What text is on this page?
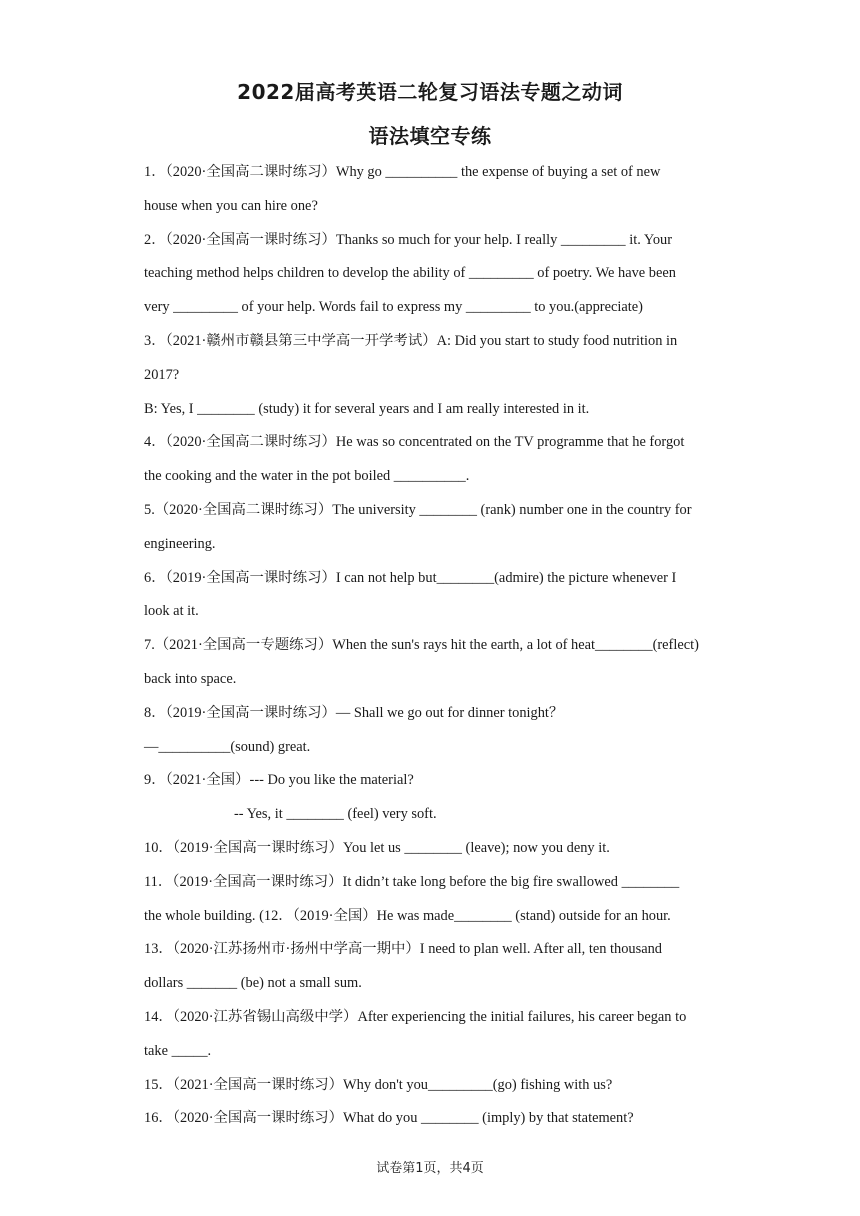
2022届高考英语二轮复习语法专题之动词
语法填空专练
1．（2020·全国高二课时练习）Why go __________ the expense of buying a set of new
house when you can hire one?
2．（2020·全国高一课时练习）Thanks so much for your help. I really _________ it. Your
teaching method helps children to develop the ability of _________ of poetry. We have been
very _________ of your help. Words fail to express my _________ to you.(appreciate)
3．（2021·赣州市赣县第三中学高一开学考试）A: Did you start to study food nutrition in
2017?
B: Yes, I ________ (study) it for several years and I am really interested in it.
4．（2020·全国高二课时练习）He was so concentrated on the TV programme that he forgot
the cooking and the water in the pot boiled __________.
5.（2020·全国高二课时练习）The university ________ (rank) number one in the country for
engineering.
6．（2019·全国高一课时练习）I can not help but________(admire) the picture whenever I
look at it.
7.（2021·全国高一专题练习）When the sun's rays hit the earth, a lot of heat________(reflect)
back into space.
8．（2019·全国高一课时练习）— Shall we go out for dinner tonight？
—__________(sound) great.
9．（2021·全国）--- Do you like the material?
-- Yes, it ________ (feel) very soft.
10．（2019·全国高一课时练习）You let us ________ (leave); now you deny it.
11．（2019·全国高一课时练习）It didn’t take long before the big fire swallowed ________
the whole building. (12．（2019·全国）He was made________ (stand) outside for an hour.
13．（2020·江苏扬州市·扬州中学高一期中）I need to plan well. After all, ten thousand
dollars _______ (be) not a small sum.
14．（2020·江苏省锡山高级中学）After experiencing the initial failures, his career began to
take _____.
15．（2021·全国高一课时练习）Why don't you_________(go) fishing with us?
16．（2020·全国高一课时练习）What do you ________ (imply) by that statement?
试卷第1页，共4页
